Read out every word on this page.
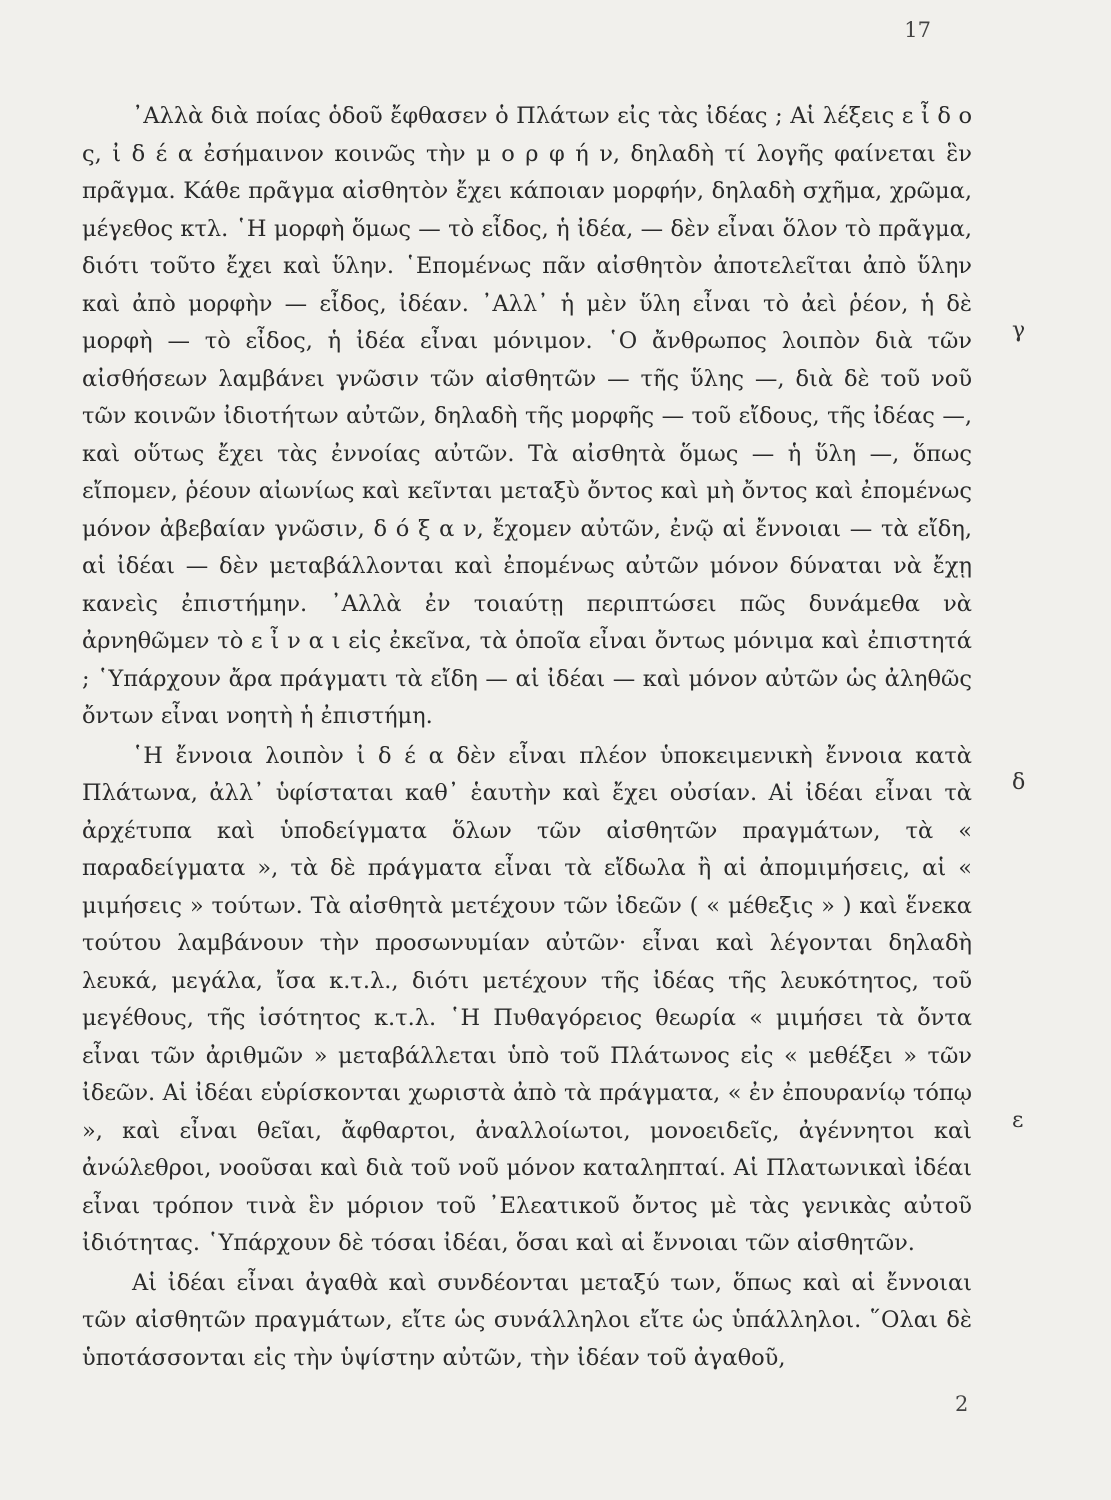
17

᾿Αλλὰ διὰ ποίας ὁδοῦ ἔφθασεν ὁ Πλάτων εἰς τὰς ἰδέας ; Αἱ λέξεις ε ἶ δ ο ς, ἰ δ έ α ἐσήμαινον κοινῶς τὴν μ ο ρ φ ή ν, δηλαδὴ τί λογῆς φαίνεται ἓν πρᾶγμα. Κάθε πρᾶγμα αἰσθητὸν ἔχει κάποιαν μορφήν, δηλαδὴ σχῆμα, χρῶμα, μέγεθος κτλ. ῾Η μορφὴ ὅμως — τὸ εἶδος, ἡ ἰδέα, — δὲν εἶναι ὅλον τὸ πρᾶγμα, διότι τοῦτο ἔχει καὶ ὕλην. ῾Επομένως πᾶν αἰσθητὸν ἀποτελεῖται ἀπὸ ὕλην καὶ ἀπὸ μορφὴν — εἶδος, ἰδέαν. ᾿Αλλ᾿ ἡ μὲν ὕλη εἶναι τὸ ἀεὶ ῥέον, ἡ δὲ μορφὴ — τὸ εἶδος, ἡ ἰδέα εἶναι μόνιμον. ῾Ο ἄνθρωπος λοιπὸν διὰ τῶν αἰσθήσεων λαμβάνει γνῶσιν τῶν αἰσθητῶν — τῆς ὕλης —, διὰ δὲ τοῦ νοῦ τῶν κοινῶν ἰδιοτήτων αὐτῶν, δηλαδὴ τῆς μορφῆς — τοῦ εἴδους, τῆς ἰδέας —, καὶ οὕτως ἔχει τὰς ἐννοίας αὐτῶν. Τὰ αἰσθητὰ ὅμως — ἡ ὕλη —, ὅπως εἴπομεν, ῥέουν αἰωνίως καὶ κεῖνται μεταξὺ ὄντος καὶ μὴ ὄντος καὶ ἐπομένως μόνον ἀβεβαίαν γνῶσιν, δ ό ξ α ν, ἔχομεν αὐτῶν, ἐνῷ αἱ ἔννοιαι — τὰ εἴδη, αἱ ἰδέαι — δὲν μεταβάλλονται καὶ ἐπομένως αὐτῶν μόνον δύναται νὰ ἔχῃ κανεὶς ἐπιστήμην. ᾿Αλλὰ ἐν τοιαύτῃ περιπτώσει πῶς δυνάμεθα νὰ ἀρνηθῶμεν τὸ ε ἶ ν α ι εἰς ἐκεῖνα, τὰ ὁποῖα εἶναι ὄντως μόνιμα καὶ ἐπιστητά ; ῾Υπάρχουν ἄρα πράγματι τὰ εἴδη — αἱ ἰδέαι — καὶ μόνον αὐτῶν ὡς ἀληθῶς ὄντων εἶναι νοητὴ ἡ ἐπιστήμη.

῾Η ἔννοια λοιπὸν ἰ δ έ α δὲν εἶναι πλέον ὑποκειμενικὴ ἔννοια κατὰ Πλάτωνα, ἀλλ᾿ ὑφίσταται καθ᾿ ἑαυτὴν καὶ ἔχει οὐσίαν. Αἱ ἰδέαι εἶναι τὰ ἀρχέτυπα καὶ ὑποδείγματα ὅλων τῶν αἰσθητῶν πραγμάτων, τὰ « παραδείγματα », τὰ δὲ πράγματα εἶναι τὰ εἴδωλα ἢ αἱ ἀπομιμήσεις, αἱ « μιμήσεις » τούτων. Τὰ αἰσθητὰ μετέχουν τῶν ἰδεῶν ( « μέθεξις » ) καὶ ἕνεκα τούτου λαμβάνουν τὴν προσωνυμίαν αὐτῶν· εἶναι καὶ λέγονται δηλαδὴ λευκά, μεγάλα, ἴσα κ.τ.λ., διότι μετέχουν τῆς ἰδέας τῆς λευκότητος, τοῦ μεγέθους, τῆς ἰσότητος κ.τ.λ. ῾Η Πυθαγόρειος θεωρία « μιμήσει τὰ ὄντα εἶναι τῶν ἀριθμῶν » μεταβάλλεται ὑπὸ τοῦ Πλάτωνος εἰς « μεθέξει » τῶν ἰδεῶν. Αἱ ἰδέαι εὑρίσκονται χωριστὰ ἀπὸ τὰ πράγματα, « ἐν ἐπουρανίῳ τόπῳ », καὶ εἶναι θεῖαι, ἄφθαρτοι, ἀναλλοίωτοι, μονοειδεῖς, ἀγέννητοι καὶ ἀνώλεθροι, νοοῦσαι καὶ διὰ τοῦ νοῦ μόνον καταληπταί. Αἱ Πλατωνικαὶ ἰδέαι εἶναι τρόπον τινὰ ἓν μόριον τοῦ ᾿Ελεατικοῦ ὄντος μὲ τὰς γενικὰς αὐτοῦ ἰδιότητας. ῾Υπάρχουν δὲ τόσαι ἰδέαι, ὅσαι καὶ αἱ ἔννοιαι τῶν αἰσθητῶν.

Αἱ ἰδέαι εἶναι ἀγαθὰ καὶ συνδέονται μεταξύ των, ὅπως καὶ αἱ ἔννοιαι τῶν αἰσθητῶν πραγμάτων, εἴτε ὡς συνάλληλοι εἴτε ὡς ὑπάλληλοι. ῞Ολαι δὲ ὑποτάσσονται εἰς τὴν ὑψίστην αὐτῶν, τὴν ἰδέαν τοῦ ἀγαθοῦ,

γ
δ
ε
2
